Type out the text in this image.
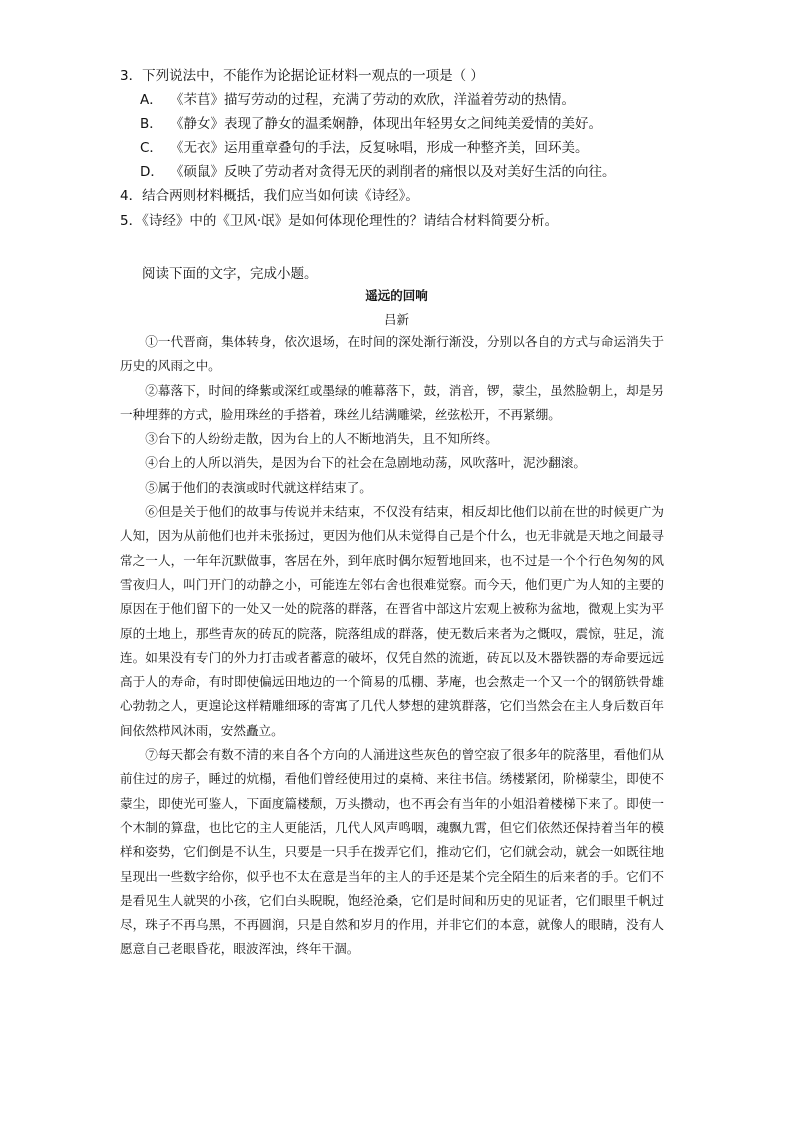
3．下列说法中，不能作为论据论证材料一观点的一项是（ ）
A． 《芣苢》描写劳动的过程，充满了劳动的欢欣，洋溢着劳动的热情。
B． 《静女》表现了静女的温柔娴静，体现出年轻男女之间纯美爱情的美好。
C． 《无衣》运用重章叠句的手法，反复咏唱，形成一种整齐美，回环美。
D． 《硕鼠》反映了劳动者对贪得无厌的剥削者的痛恨以及对美好生活的向往。
4．结合两则材料概括，我们应当如何读《诗经》。
5．《诗经》中的《卫风·氓》是如何体现伦理性的？请结合材料简要分析。
阅读下面的文字，完成小题。
遥远的回响
吕新

①一代晋商，集体转身，依次退场，在时间的深处渐行渐没，分别以各自的方式与命运消失于历史的风雨之中。

②幕落下，时间的绛紫或深红或墨绿的帷幕落下，鼓，消音，锣，蒙尘，虽然脸朝上，却是另一种埋葬的方式，脸用珠丝的手搭着，珠丝儿结满雕梁，丝弦松开，不再紧绷。

③台下的人纷纷走散，因为台上的人不断地消失，且不知所终。

④台上的人所以消失，是因为台下的社会在急剧地动荡，风吹落叶，泥沙翻滚。

⑤属于他们的表演或时代就这样结束了。

⑥但是关于他们的故事与传说并未结束，不仅没有结束，相反却比他们以前在世的时候更广为人知，因为从前他们也并未张扬过，更因为他们从未觉得自己是个什么，也无非就是天地之间最寻常之一人，一年年沉默做事，客居在外，到年底时偶尔短暂地回来，也不过是一个个行色匆匆的风雪夜归人，叫门开门的动静之小，可能连左邻右舍也很难觉察。而今天，他们更广为人知的主要的原因在于他们留下的一处又一处的院落的群落，在晋省中部这片宏观上被称为盆地，微观上实为平原的土地上，那些青灰的砖瓦的院落，院落组成的群落，使无数后来者为之慨叹，震惊，驻足，流连。如果没有专门的外力打击或者蓄意的破坏，仅凭自然的流逝，砖瓦以及木器铁器的寿命要远远高于人的寿命，有时即使偏远田地边的一个简易的瓜棚、茅庵，也会熬走一个又一个的钢筋铁骨雄心勃勃之人，更遑论这样精雕细琢的寄寓了几代人梦想的建筑群落，它们当然会在主人身后数百年间依然栉风沐雨，安然矗立。

⑦每天都会有数不清的来自各个方向的人涌进这些灰色的曾空寂了很多年的院落里，看他们从前住过的房子，睡过的炕榻，看他们曾经使用过的桌椅、来往书信。绣楼紧闭，阶梯蒙尘，即使不蒙尘，即使光可鉴人，下面度篇楼颓，万头攒动，也不再会有当年的小姐沿着楼梯下来了。即使一个木制的算盘，也比它的主人更能活，几代人风声鸣咽，魂飘九霄，但它们依然还保持着当年的模样和姿势，它们倒是不认生，只要是一只手在拨弄它们，推动它们，它们就会动，就会一如既往地呈现出一些数字给你，似乎也不太在意是当年的主人的手还是某个完全陌生的后来者的手。它们不是看见生人就哭的小孩，它们白头睨睨，饱经沧桑，它们是时间和历史的见证者，它们眼里千帆过尽，珠子不再乌黑，不再圆润，只是自然和岁月的作用，并非它们的本意，就像人的眼睛，没有人愿意自己老眼昏花，眼波浑浊，终年干涸。
